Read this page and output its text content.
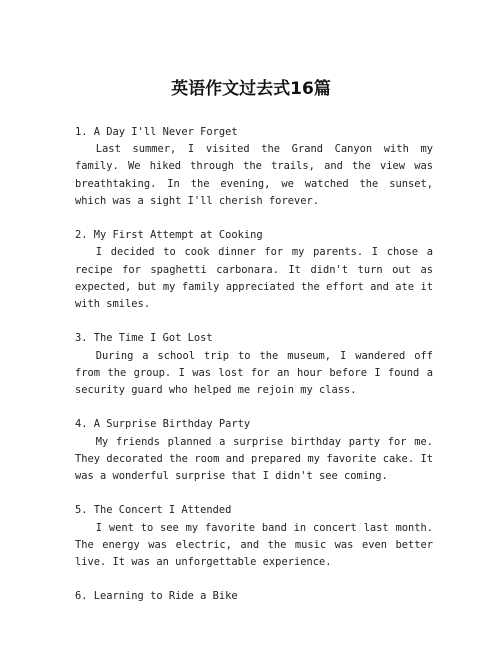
英语作文过去式16篇

1. A Day I'll Never Forget

Last summer, I visited the Grand Canyon with my family. We hiked through the trails, and the view was breathtaking. In the evening, we watched the sunset, which was a sight I'll cherish forever.

2. My First Attempt at Cooking

I decided to cook dinner for my parents. I chose a recipe for spaghetti carbonara. It didn't turn out as expected, but my family appreciated the effort and ate it with smiles.

3. The Time I Got Lost

During a school trip to the museum, I wandered off from the group. I was lost for an hour before I found a security guard who helped me rejoin my class.

4. A Surprise Birthday Party

My friends planned a surprise birthday party for me. They decorated the room and prepared my favorite cake. It was a wonderful surprise that I didn't see coming.

5. The Concert I Attended

I went to see my favorite band in concert last month. The energy was electric, and the music was even better live. It was an unforgettable experience.

6. Learning to Ride a Bike
